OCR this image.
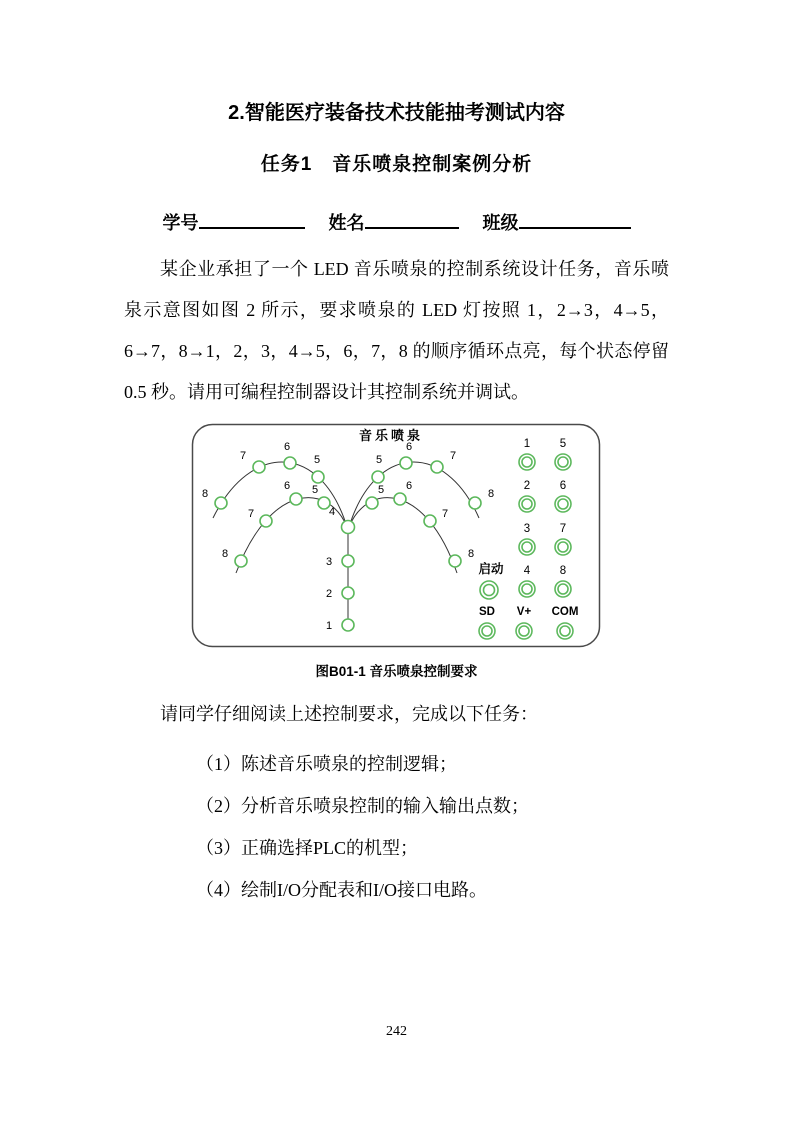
2.智能医疗装备技术技能抽考测试内容
任务1　音乐喷泉控制案例分析
学号	姓名	班级

某企业承担了一个 LED 音乐喷泉的控制系统设计任务，音乐喷泉示意图如图 2 所示，要求喷泉的 LED 灯按照 1，2→3，4→5，6→7，8→1，2，3，4→5，6，7，8 的顺序循环点亮，每个状态停留 0.5 秒。请用可编程控制器设计其控制系统并调试。

音乐喷泉
1
2
3
4
5
6
7
8	5
6
7
8
5
6
7
8
5 6
7
8
1	5
2	6
3	7
4	8
启动
SD V+ COM
图B01-1 音乐喷泉控制要求

请同学仔细阅读上述控制要求，完成以下任务：

（1）陈述音乐喷泉的控制逻辑；
（2）分析音乐喷泉控制的输入输出点数；
（3）正确选择PLC的机型；
（4）绘制I/O分配表和I/O接口电路。
242
